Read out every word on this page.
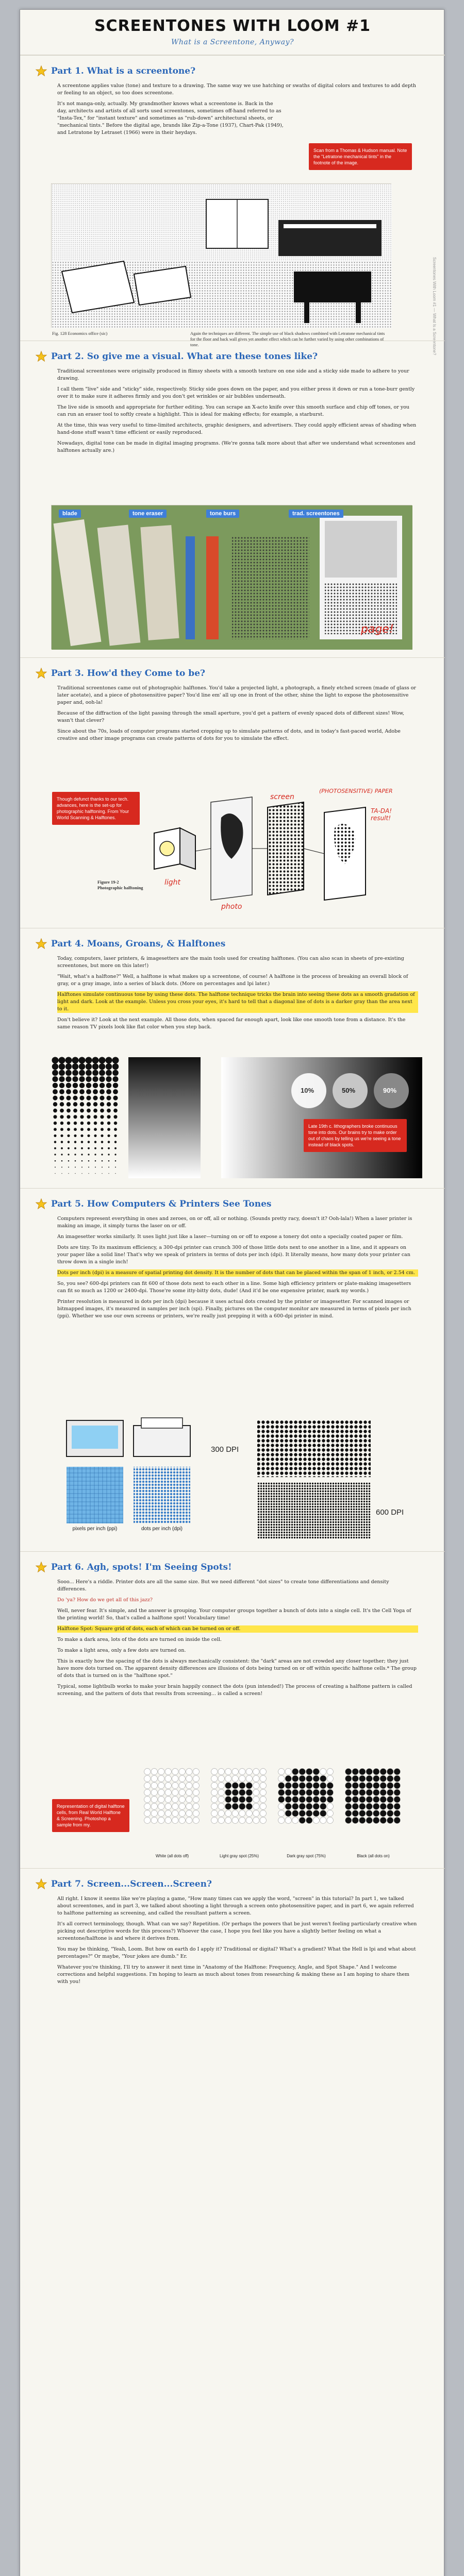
Screentones With Loom #1 — What Is a Screentone?
SCREENTONES WITH LOOM #1
What is a Screentone, Anyway?
Part 1. What is a screentone?

A screentone applies value (tone) and texture to a drawing. The same way we use hatching or swaths of digital colors and textures to add depth or feeling to an object, so too does screentone.

It's not manga-only, actually. My grandmother knows what a screentone is. Back in the day, architects and artists of all sorts used screentones, sometimes off-hand referred to as "Insta-Tex," for "instant texture" and sometimes as "rub-down" architectural sheets, or "mechanical tints." Before the digital age, brands like Zip-a-Tone (1937), Chart-Pak (1949), and Letratone by Letraset (1966) were in their heydays.

Scan from a Thomas & Hudson manual. Note the "Letratone mechanical tints" in the footnote of the image.
Fig. 128 Economics office (sic)	Again the techniques are different. The simple use of black shadows combined with Letratone mechanical tints for the floor and back wall gives yet another effect which can be further varied by using other combinations of tone.
Part 2. So give me a visual. What are these tones like?

Traditional screentones were originally produced in flimsy sheets with a smooth texture on one side and a sticky side made to adhere to your drawing.

I call them "live" side and "sticky" side, respectively. Sticky side goes down on the paper, and you either press it down or run a tone-burr gently over it to make sure it adheres firmly and you don't get wrinkles or air bubbles underneath.

The live side is smooth and appropriate for further editing. You can scrape an X-acto knife over this smooth surface and chip off tones, or you can run an eraser tool to softly create a highlight. This is ideal for making effects; for example, a starburst.

At the time, this was very useful to time-limited architects, graphic designers, and advertisers. They could apply efficient areas of shading when hand-done stuff wasn't time efficient or easily reproduced.

Nowadays, digital tone can be made in digital imaging programs. (We're gonna talk more about that after we understand what screentones and halftones actually are.)

blade	tone eraser	tone burs	trad. screentones
page!
Part 3. How'd they Come to be?

Traditional screentones came out of photographic halftones. You'd take a projected light, a photograph, a finely etched screen (made of glass or later acetate), and a piece of photosensitive paper? You'd line em' all up one in front of the other, shine the light to expose the photosensitive paper and, ooh-la!

Because of the diffraction of the light passing through the small aperture, you'd get a pattern of evenly spaced dots of different sizes! Wow, wasn't that clever?

Since about the 70s, loads of computer programs started cropping up to simulate patterns of dots, and in today's fast-paced world, Adobe creative and other image programs can create patterns of dots for you to simulate the effect.

Though defunct thanks to our tech. advances, here is the set-up for photographic halftoning. From Your World Scanning & Halftones.
light
photo
screen
(PHOTOSENSITIVE) PAPER
TA-DA! result!
Figure 19-2 Photographic halftoning
Part 4. Moans, Groans, & Halftones

Today, computers, laser printers, & imagesetters are the main tools used for creating halftones. (You can also scan in sheets of pre-existing screentones, but more on this later!)

"Wait, what's a halftone?" Well, a halftone is what makes up a screentone, of course! A halftone is the process of breaking an overall block of gray, or a gray image, into a series of black dots. (More on percentages and lpi later.)

Halftones simulate continuous tone by using these dots. The halftone technique tricks the brain into seeing these dots as a smooth gradation of light and dark. Look at the example. Unless you cross your eyes, it's hard to tell that a diagonal line of dots is a darker gray than the area next to it.

Don't believe it? Look at the next example. All those dots, when spaced far enough apart, look like one smooth tone from a distance. It's the same reason TV pixels look like flat color when you step back.

10%	50%	90%
Late 19th c. lithographers broke continuous tone into dots. Our brains try to make order out of chaos by telling us we're seeing a tone instead of black spots.
Part 5. How Computers & Printers See Tones

Computers represent everything in ones and zeroes, on or off, all or nothing. (Sounds pretty racy, doesn't it? Ooh-lala!) When a laser printer is making an image, it simply turns the laser on or off.

An imagesetter works similarly. It uses light just like a laser—turning on or off to expose a tonery dot onto a specially coated paper or film.

Dots are tiny. To its maximum efficiency, a 300-dpi printer can crunch 300 of those little dots next to one another in a line, and it appears on your paper like a solid line! That's why we speak of printers in terms of dots per inch (dpi). It literally means, how many dots your printer can throw down in a single inch!

Dots per inch (dpi) is a measure of spatial printing dot density. It is the number of dots that can be placed within the span of 1 inch, or 2.54 cm.

So, you see? 600-dpi printers can fit 600 of those dots next to each other in a line. Some high efficiency printers or plate-making imagesetters can fit so much as 1200 or 2400-dpi. Those're some itty-bitty dots, dude! (And it'd be one expensive printer, mark my words.)

Printer resolution is measured in dots per inch (dpi) because it uses actual dots created by the printer or imagesetter. For scanned images or bitmapped images, it's measured in samples per inch (spi). Finally, pictures on the computer monitor are measured in terms of pixels per inch (ppi). Whether we use our own screens or printers, we're really just prepping it with a 600-dpi printer in mind.

pixels per inch (ppi)	dots per inch (dpi)
300 DPI
600 DPI
Part 6. Agh, spots! I'm Seeing Spots!

Sooo... Here's a riddle. Printer dots are all the same size. But we need different "dot sizes" to create tone differentiations and density differences.

Do 'ya? How do we get all of this jazz?

Well, never fear. It's simple, and the answer is grouping. Your computer groups together a bunch of dots into a single cell. It's the Cell Yoga of the printing world! So, that's called a halftone spot! Vocabulary time!

Halftone Spot: Square grid of dots, each of which can be turned on or off.

To make a dark area, lots of the dots are turned on inside the cell.

To make a light area, only a few dots are turned on.

This is exactly how the spacing of the dots is always mechanically consistent: the "dark" areas are not crowded any closer together; they just have more dots turned on. The apparent density differences are illusions of dots being turned on or off within specific halftone cells.* The group of dots that is turned on is the "halftone spot."

Typical, some lightbulb works to make your brain happily connect the dots (pun intended!) The process of creating a halftone pattern is called screening, and the pattern of dots that results from screening... is called a screen!

Representation of digital halftone cells, from Real World Halftone & Screening. Photoshop a sample from my.
White (all dots off)	Light gray spot (25%)	Dark gray spot (75%)	Black (all dots on)
Part 7. Screen...Screen...Screen?

All right. I know it seems like we're playing a game, "How many times can we apply the word, "screen" in this tutorial? In part 1, we talked about screentones, and in part 3, we talked about shooting a light through a screen onto photosensitive paper, and in part 6, we again referred to halftone patterning as screening, and called the resultant pattern a screen.

It's all correct terminology, though. What can we say? Repetition. (Or perhaps the powers that be just weren't feeling particularly creative when picking out descriptive words for this process?) Whoever the case, I hope you feel like you have a slightly better feeling on what a screentone/halftone is and where it derives from.

You may be thinking, "Yeah, Loom. But how on earth do I apply it? Traditional or digital? What's a gradient? What the Hell is lpi and what about percentages?" Or maybe, "Your jokes are dumb." Er.

Whatever you're thinking, I'll try to answer it next time in "Anatomy of the Halftone: Frequency, Angle, and Spot Shape." And I welcome corrections and helpful suggestions. I'm hoping to learn as much about tones from researching & making these as I am hoping to share them with you!
